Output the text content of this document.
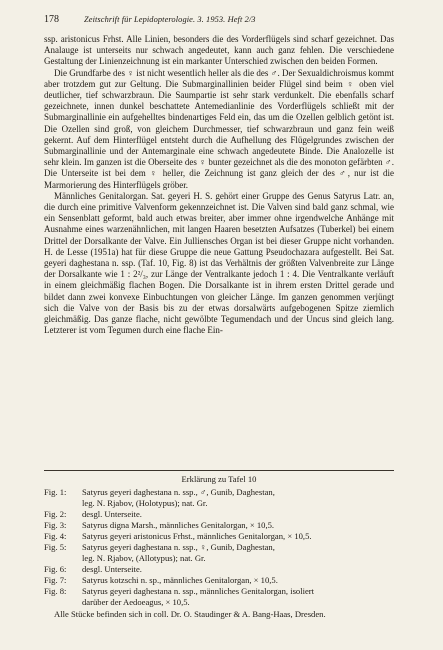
178	Zeitschrift für Lepidopterologie. 3. 1953. Heft 2/3

ssp. aristonicus Frhst. Alle Linien, besonders die des Vorderflügels sind scharf gezeichnet. Das Analauge ist unterseits nur schwach angedeutet, kann auch ganz fehlen. Die verschiedene Gestaltung der Linienzeichnung ist ein markanter Unterschied zwischen den beiden Formen.

Die Grundfarbe des ♀ ist nicht wesentlich heller als die des ♂. Der Sexualdichroismus kommt aber trotzdem gut zur Geltung. Die Submarginallinien beider Flügel sind beim ♀ oben viel deutlicher, tief schwarzbraun. Die Saumpartie ist sehr stark verdunkelt. Die ebenfalls scharf gezeichnete, innen dunkel beschattete Antemedianlinie des Vorderflügels schließt mit der Submarginallinie ein aufgehelltes bindenartiges Feld ein, das um die Ozellen gelblich getönt ist. Die Ozellen sind groß, von gleichem Durchmesser, tief schwarzbraun und ganz fein weiß gekernt. Auf dem Hinterflügel entsteht durch die Aufhellung des Flügelgrundes zwischen der Submarginallinie und der Antemarginale eine schwach angedeutete Binde. Die Analozelle ist sehr klein. Im ganzen ist die Oberseite des ♀ bunter gezeichnet als die des monoton gefärbten ♂. Die Unterseite ist bei dem ♀ heller, die Zeichnung ist ganz gleich der des ♂, nur ist die Marmorierung des Hinterflügels gröber.

Männliches Genitalorgan. Sat. geyeri H. S. gehört einer Gruppe des Genus Satyrus Latr. an, die durch eine primitive Valvenform gekennzeichnet ist. Die Valven sind bald ganz schmal, wie ein Sensenblatt geformt, bald auch etwas breiter, aber immer ohne irgendwelche Anhänge mit Ausnahme eines warzenähnlichen, mit langen Haaren besetzten Aufsatzes (Tuberkel) bei einem Drittel der Dorsalkante der Valve. Ein Julliensches Organ ist bei dieser Gruppe nicht vorhanden. H. de Lesse (1951a) hat für diese Gruppe die neue Gattung Pseudochazara aufgestellt. Bei Sat. geyeri daghestana n. ssp. (Taf. 10, Fig. 8) ist das Verhältnis der größten Valvenbreite zur Länge der Dorsalkante wie 1 : 2²/₃, zur Länge der Ventralkante jedoch 1 : 4. Die Ventralkante verläuft in einem gleichmäßig flachen Bogen. Die Dorsalkante ist in ihrem ersten Drittel gerade und bildet dann zwei konvexe Einbuchtungen von gleicher Länge. Im ganzen genommen verjüngt sich die Valve von der Basis bis zu der etwas dorsalwärts aufgebogenen Spitze ziemlich gleichmäßig. Das ganze flache, nicht gewölbte Tegumendach und der Uncus sind gleich lang. Letzterer ist vom Tegumen durch eine flache Ein-

Erklärung zu Tafel 10
Fig. 1:	Satyrus geyeri daghestana n. ssp., ♂, Gunib, Daghestan,
leg. N. Rjabov, (Holotypus); nat. Gr.
Fig. 2:	desgl. Unterseite.
Fig. 3:	Satyrus digna Marsh., männliches Genitalorgan, × 10,5.
Fig. 4:	Satyrus geyeri aristonicus Frhst., männliches Genitalorgan, × 10,5.
Fig. 5:	Satyrus geyeri daghestana n. ssp., ♀, Gunib, Daghestan,
leg. N. Rjabov, (Allotypus); nat. Gr.
Fig. 6:	desgl. Unterseite.
Fig. 7:	Satyrus kotzschi n. sp., männliches Genitalorgan, × 10,5.
Fig. 8:	Satyrus geyeri daghestana n. ssp., männliches Genitalorgan, isoliert
darüber der Aedoeagus, × 10,5.
Alle Stücke befinden sich in coll. Dr. O. Staudinger & A. Bang-Haas, Dresden.
